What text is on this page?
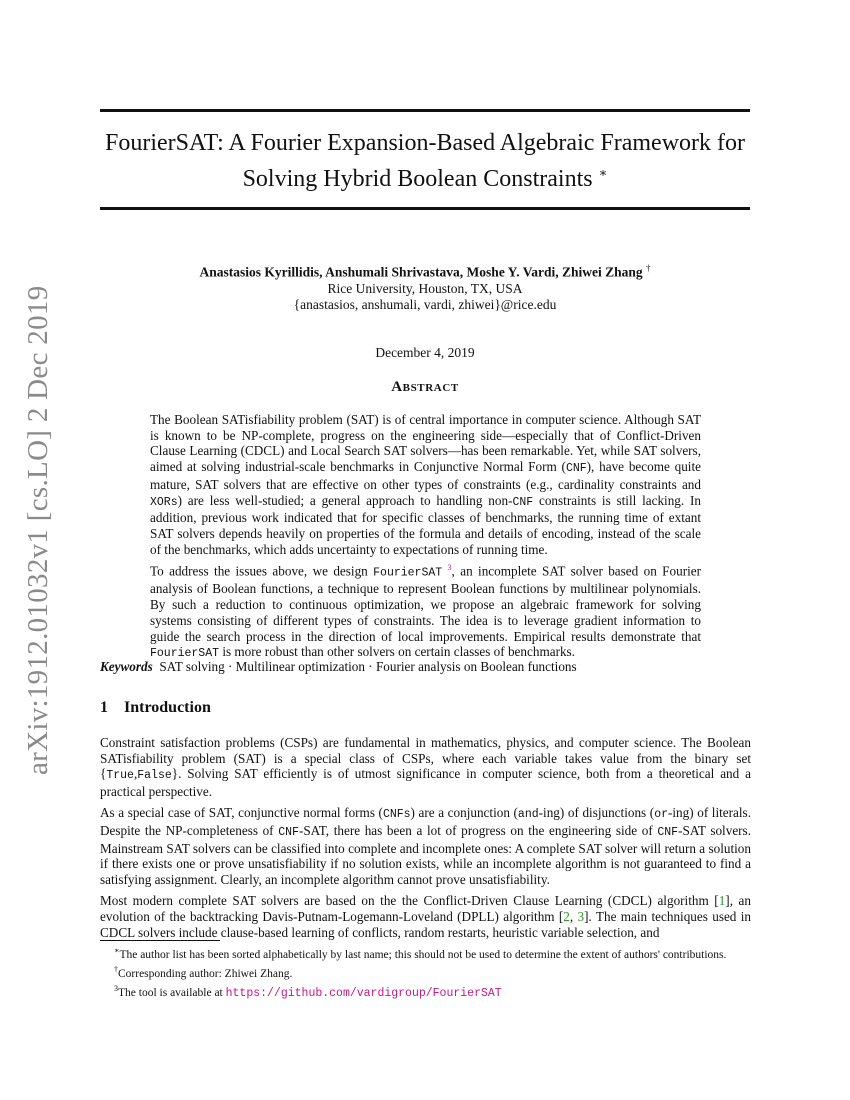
arXiv:1912.01032v1 [cs.LO] 2 Dec 2019
FourierSAT: A Fourier Expansion-Based Algebraic Framework for
Solving Hybrid Boolean Constraints ∗
Anastasios Kyrillidis, Anshumali Shrivastava, Moshe Y. Vardi, Zhiwei Zhang †
Rice University, Houston, TX, USA
{anastasios, anshumali, vardi, zhiwei}@rice.edu
December 4, 2019
Abstract

The Boolean SATisfiability problem (SAT) is of central importance in computer science. Although SAT is known to be NP-complete, progress on the engineering side—especially that of Conflict-Driven Clause Learning (CDCL) and Local Search SAT solvers—has been remarkable. Yet, while SAT solvers, aimed at solving industrial-scale benchmarks in Conjunctive Normal Form (CNF), have become quite mature, SAT solvers that are effective on other types of constraints (e.g., cardinality constraints and XORs) are less well-studied; a general approach to handling non-CNF constraints is still lacking. In addition, previous work indicated that for specific classes of benchmarks, the running time of extant SAT solvers depends heavily on properties of the formula and details of encoding, instead of the scale of the benchmarks, which adds uncertainty to expectations of running time.

To address the issues above, we design FourierSAT $^3$, an incomplete SAT solver based on Fourier analysis of Boolean functions, a technique to represent Boolean functions by multilinear polynomials. By such a reduction to continuous optimization, we propose an algebraic framework for solving systems consisting of different types of constraints. The idea is to leverage gradient information to guide the search process in the direction of local improvements. Empirical results demonstrate that FourierSAT is more robust than other solvers on certain classes of benchmarks.

Keywords SAT solving · Multilinear optimization · Fourier analysis on Boolean functions
1 Introduction

Constraint satisfaction problems (CSPs) are fundamental in mathematics, physics, and computer science. The Boolean SATisfiability problem (SAT) is a special class of CSPs, where each variable takes value from the binary set {True,False}. Solving SAT efficiently is of utmost significance in computer science, both from a theoretical and a practical perspective.

As a special case of SAT, conjunctive normal forms (CNFs) are a conjunction (and-ing) of disjunctions (or-ing) of literals. Despite the NP-completeness of CNF-SAT, there has been a lot of progress on the engineering side of CNF-SAT solvers. Mainstream SAT solvers can be classified into complete and incomplete ones: A complete SAT solver will return a solution if there exists one or prove unsatisfiability if no solution exists, while an incomplete algorithm is not guaranteed to find a satisfying assignment. Clearly, an incomplete algorithm cannot prove unsatisfiability.

Most modern complete SAT solvers are based on the the Conflict-Driven Clause Learning (CDCL) algorithm [1], an evolution of the backtracking Davis-Putnam-Logemann-Loveland (DPLL) algorithm [2, 3]. The main techniques used in CDCL solvers include clause-based learning of conflicts, random restarts, heuristic variable selection, and

∗The author list has been sorted alphabetically by last name; this should not be used to determine the extent of authors' contributions.

†Corresponding author: Zhiwei Zhang.

$^3$The tool is available at https://github.com/vardigroup/FourierSAT
